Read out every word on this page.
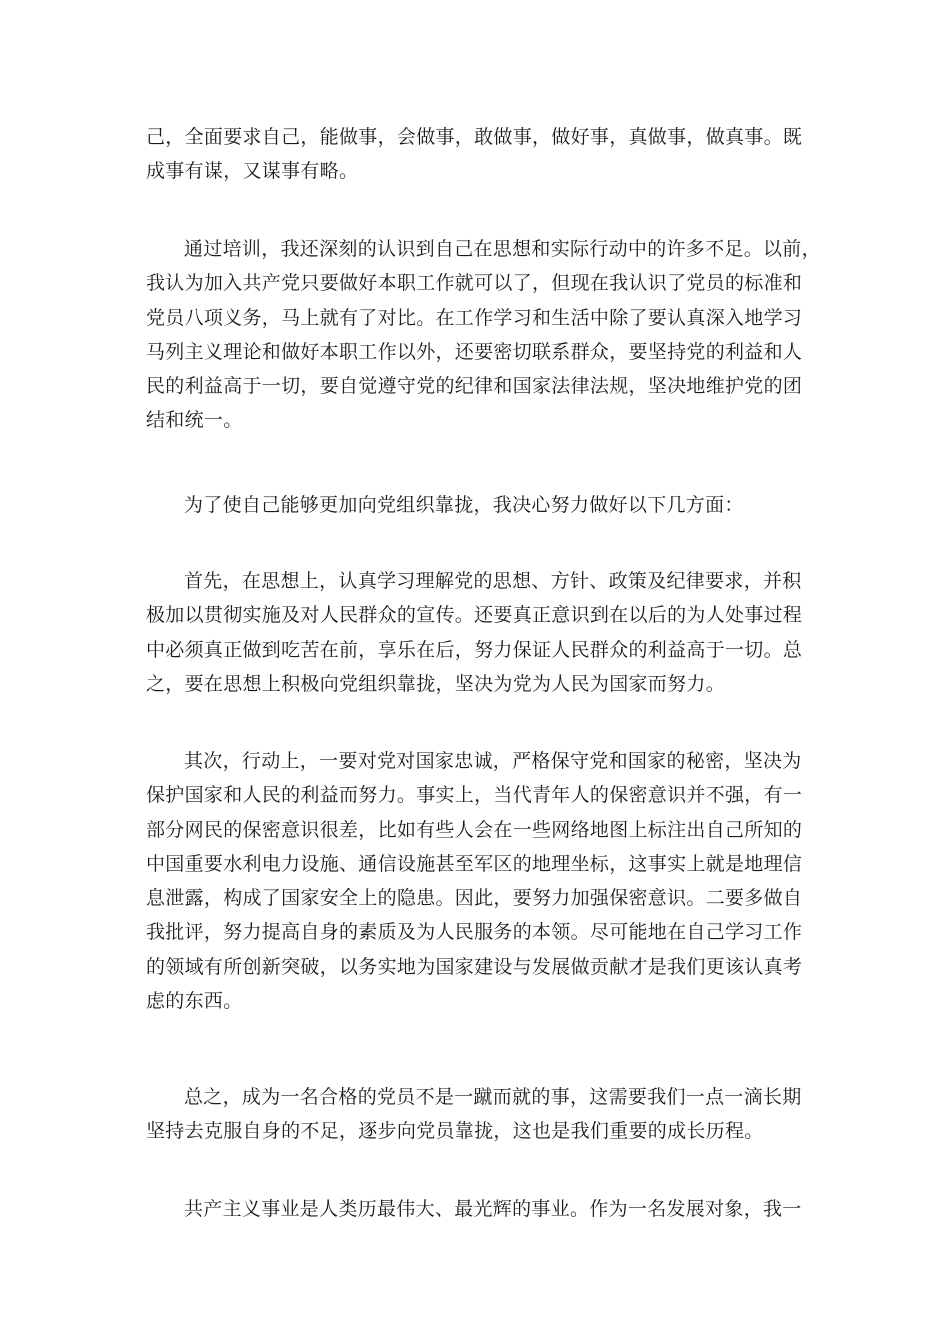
己，全面要求自己，能做事，会做事，敢做事，做好事，真做事，做真事。既
成事有谋，又谋事有略。
通过培训，我还深刻的认识到自己在思想和实际行动中的许多不足。以前，
我认为加入共产党只要做好本职工作就可以了，但现在我认识了党员的标准和
党员八项义务，马上就有了对比。在工作学习和生活中除了要认真深入地学习
马列主义理论和做好本职工作以外，还要密切联系群众，要坚持党的利益和人
民的利益高于一切，要自觉遵守党的纪律和国家法律法规，坚决地维护党的团
结和统一。
为了使自己能够更加向党组织靠拢，我决心努力做好以下几方面：
首先，在思想上，认真学习理解党的思想、方针、政策及纪律要求，并积
极加以贯彻实施及对人民群众的宣传。还要真正意识到在以后的为人处事过程
中必须真正做到吃苦在前，享乐在后，努力保证人民群众的利益高于一切。总
之，要在思想上积极向党组织靠拢，坚决为党为人民为国家而努力。
其次，行动上，一要对党对国家忠诚，严格保守党和国家的秘密，坚决为
保护国家和人民的利益而努力。事实上，当代青年人的保密意识并不强，有一
部分网民的保密意识很差，比如有些人会在一些网络地图上标注出自己所知的
中国重要水利电力设施、通信设施甚至军区的地理坐标，这事实上就是地理信
息泄露，构成了国家安全上的隐患。因此，要努力加强保密意识。二要多做自
我批评，努力提高自身的素质及为人民服务的本领。尽可能地在自己学习工作
的领域有所创新突破，以务实地为国家建设与发展做贡献才是我们更该认真考
虑的东西。
总之，成为一名合格的党员不是一蹴而就的事，这需要我们一点一滴长期
坚持去克服自身的不足，逐步向党员靠拢，这也是我们重要的成长历程。
共产主义事业是人类历最伟大、最光辉的事业。作为一名发展对象，我一
